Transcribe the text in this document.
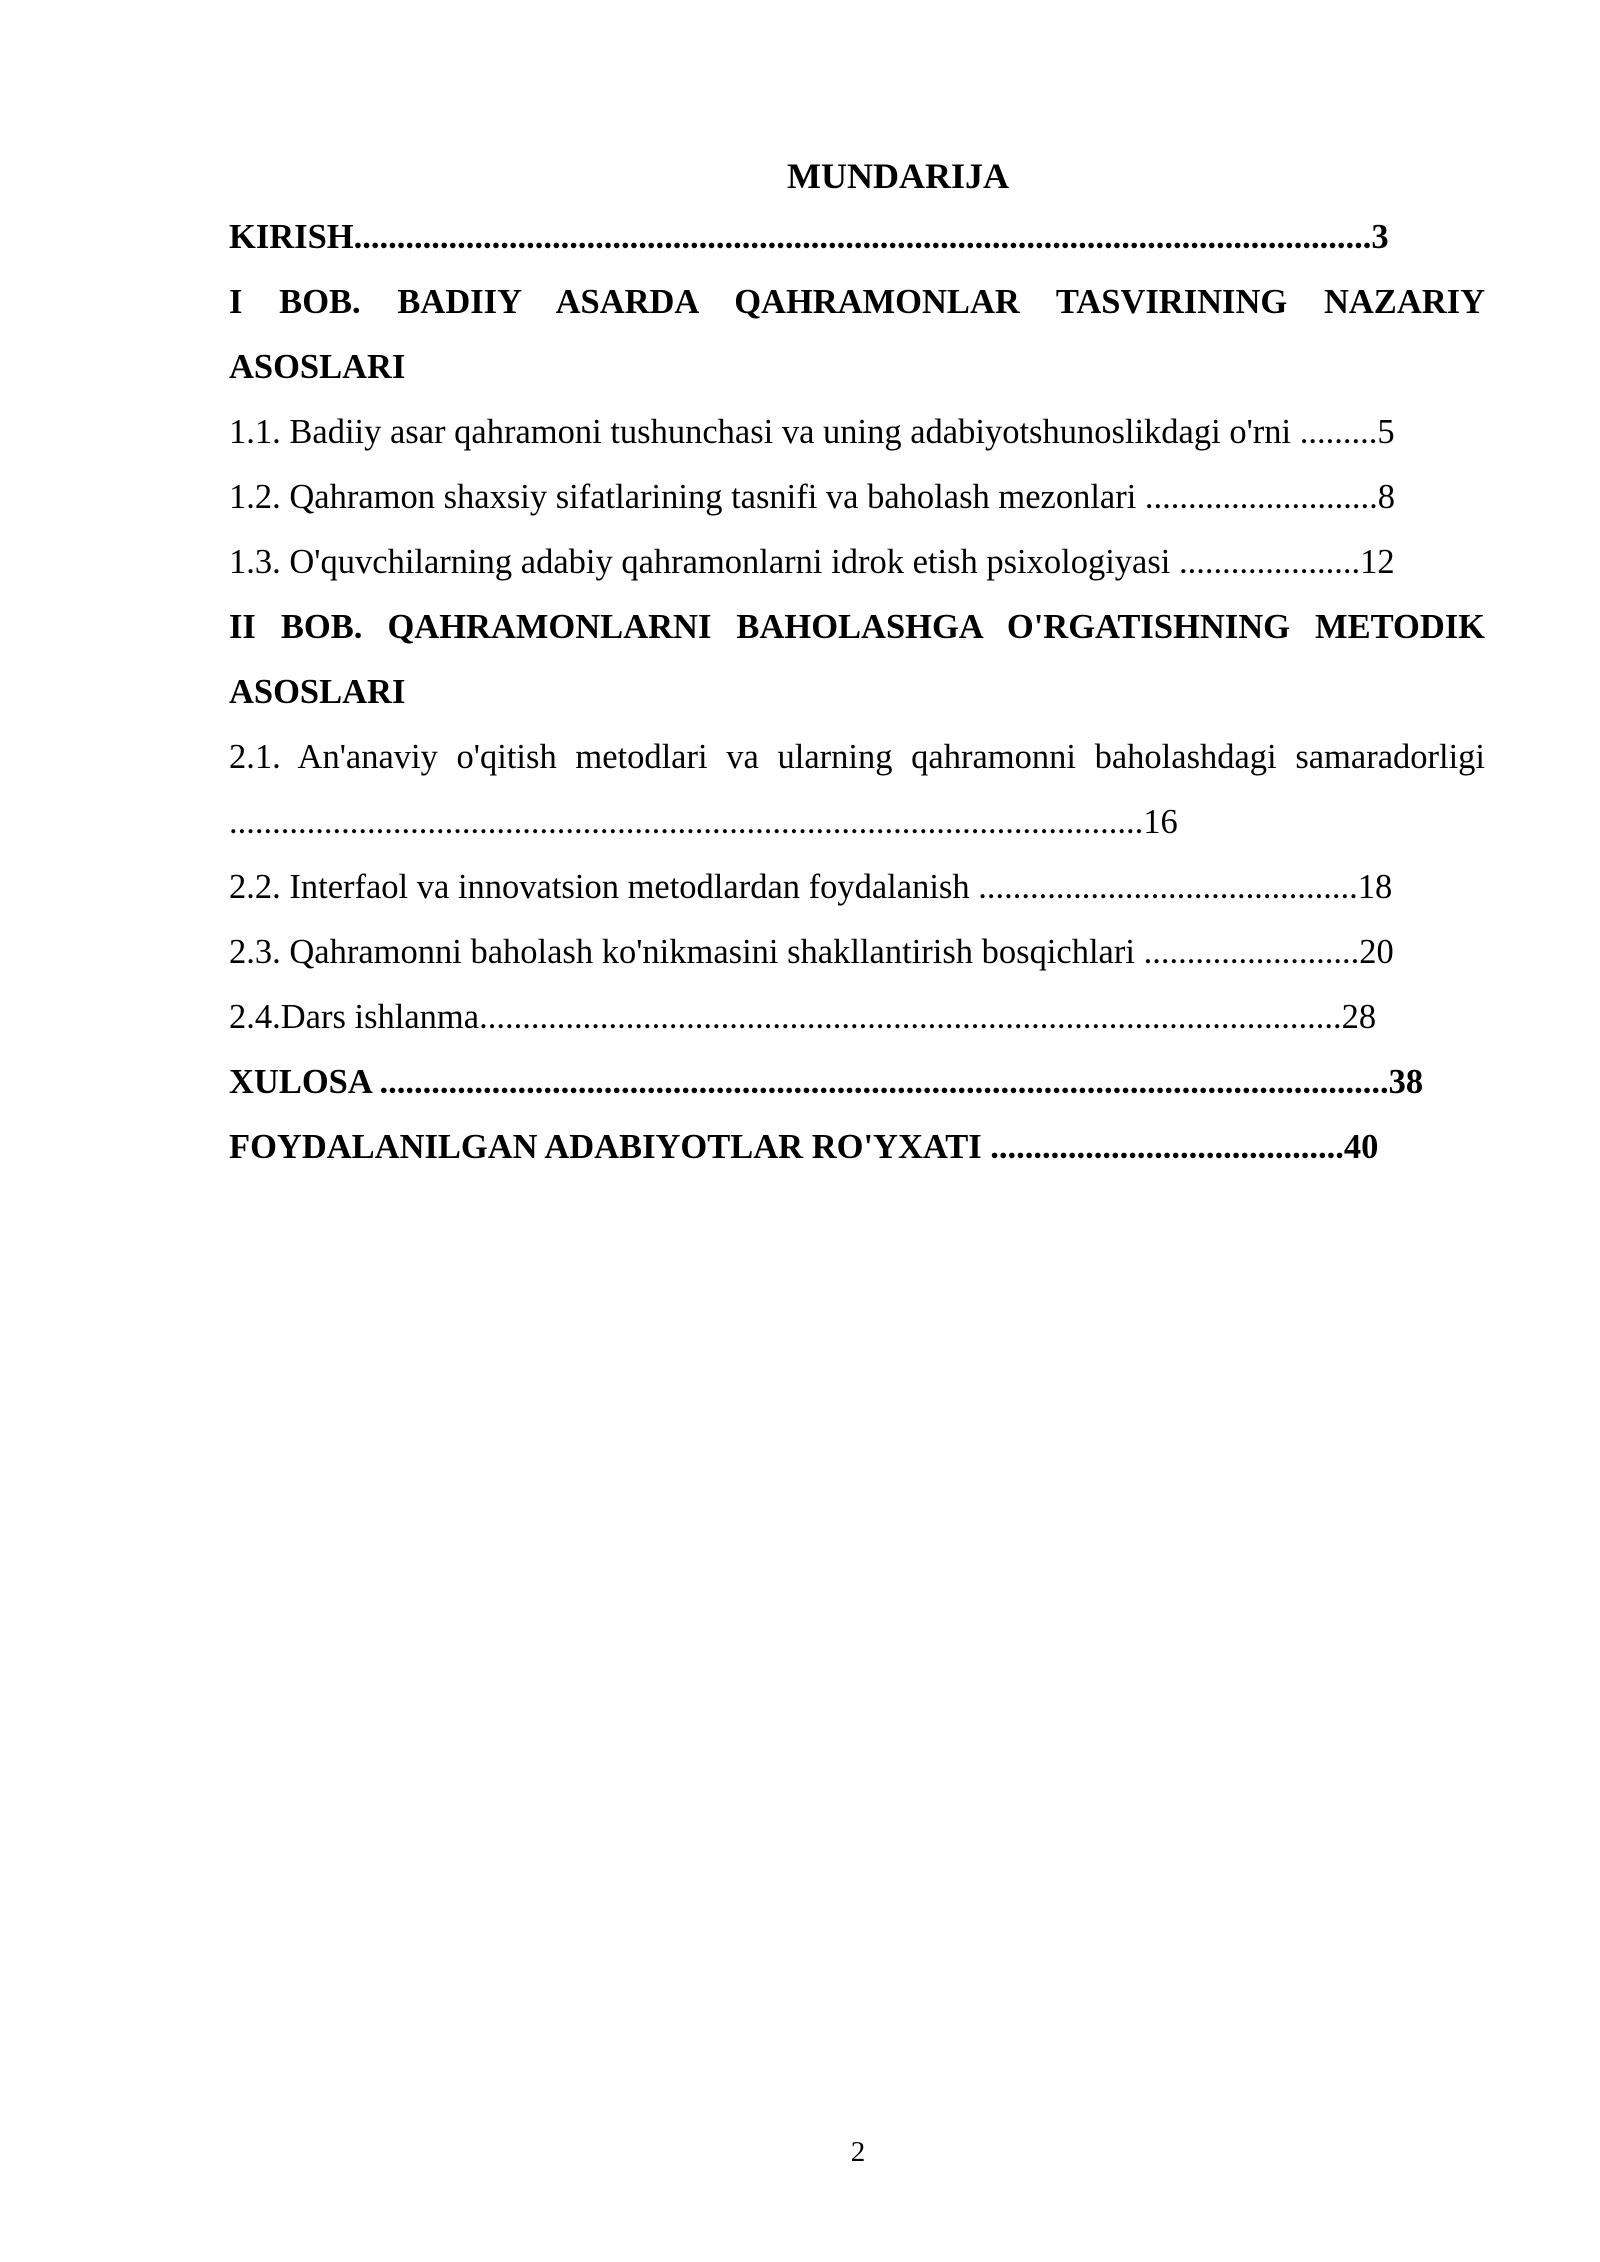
MUNDARIJA

KIRISH......................................................................................................................3

I BOB. BADIIY ASARDA QAHRAMONLAR TASVIRINING NAZARIY ASOSLARI

1.1. Badiiy asar qahramoni tushunchasi va uning adabiyotshunoslikdagi o'rni .........5

1.2. Qahramon shaxsiy sifatlarining tasnifi va baholash mezonlari ...........................8

1.3. O'quvchilarning adabiy qahramonlarni idrok etish psixologiyasi .....................12

II BOB. QAHRAMONLARNI BAHOLASHGA O'RGATISHNING METODIK ASOSLARI

2.1. An'anaviy o'qitish metodlari va ularning qahramonni baholashdagi samaradorligi ..........................................................................................................16

2.2. Interfaol va innovatsion metodlardan foydalanish ............................................18

2.3. Qahramonni baholash ko'nikmasini shakllantirish bosqichlari .........................20

2.4.Dars ishlanma....................................................................................................28

XULOSA .....................................................................................................................38

FOYDALANILGAN ADABIYOTLAR RO'YXATI .........................................40

2
